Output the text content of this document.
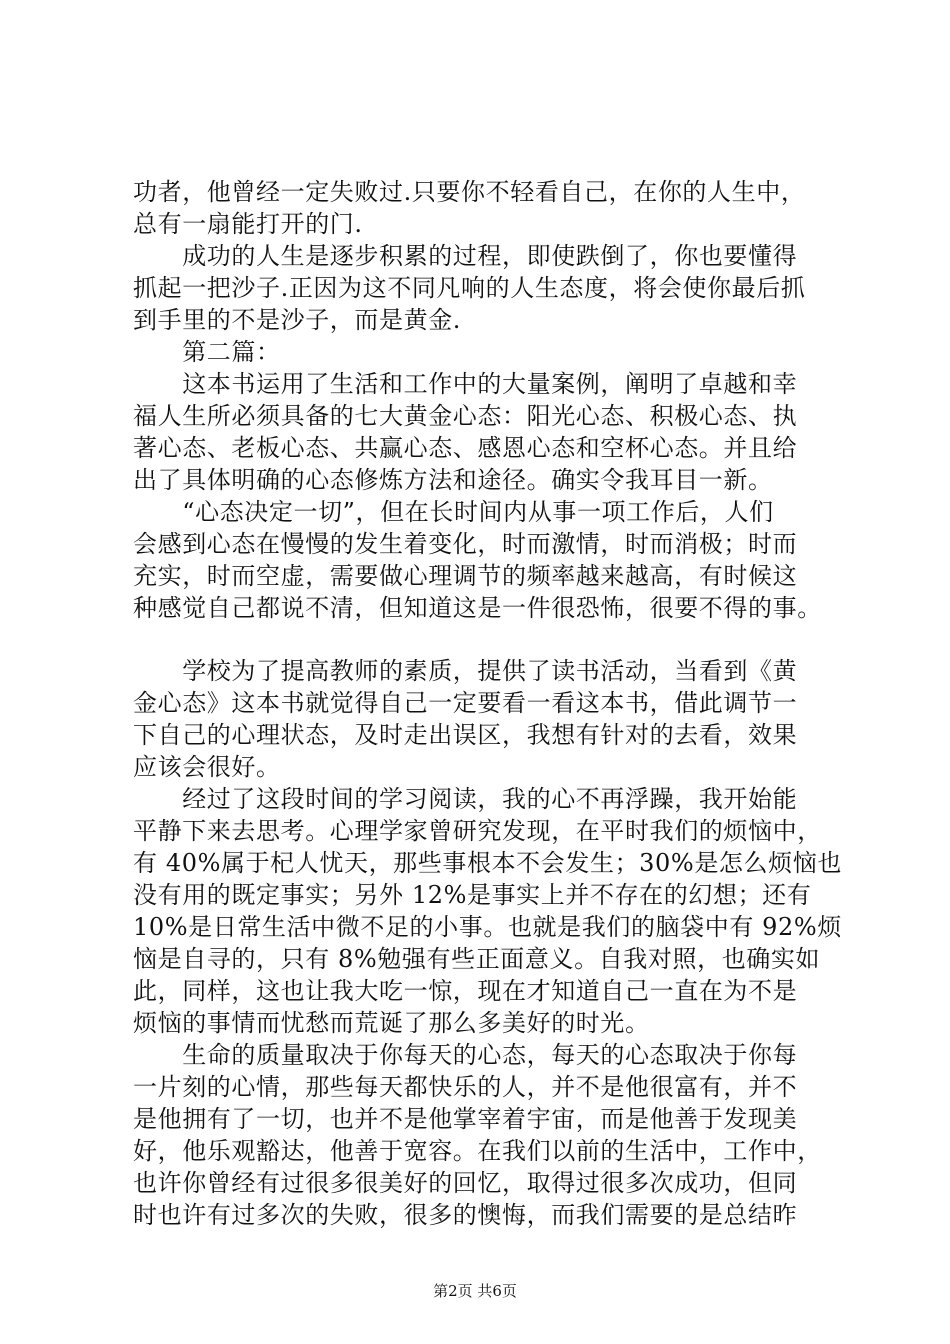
功者，他曾经一定失败过.只要你不轻看自己，在你的人生中，
总有一扇能打开的门.
　　成功的人生是逐步积累的过程，即使跌倒了，你也要懂得
抓起一把沙子.正因为这不同凡响的人生态度，将会使你最后抓
到手里的不是沙子，而是黄金.
　　第二篇：
　　这本书运用了生活和工作中的大量案例，阐明了卓越和幸
福人生所必须具备的七大黄金心态：阳光心态、积极心态、执
著心态、老板心态、共赢心态、感恩心态和空杯心态。并且给
出了具体明确的心态修炼方法和途径。确实令我耳目一新。
　　“心态决定一切”，但在长时间内从事一项工作后，人们
会感到心态在慢慢的发生着变化，时而激情，时而消极；时而
充实，时而空虚，需要做心理调节的频率越来越高，有时候这
种感觉自己都说不清，但知道这是一件很恐怖，很要不得的事。
　　学校为了提高教师的素质，提供了读书活动，当看到《黄
金心态》这本书就觉得自己一定要看一看这本书，借此调节一
下自己的心理状态，及时走出误区，我想有针对的去看，效果
应该会很好。
　　经过了这段时间的学习阅读，我的心不再浮躁，我开始能
平静下来去思考。心理学家曾研究发现，在平时我们的烦恼中，
有 40%属于杞人忧天，那些事根本不会发生；30%是怎么烦恼也
没有用的既定事实；另外 12%是事实上并不存在的幻想；还有
10%是日常生活中微不足的小事。也就是我们的脑袋中有 92%烦
恼是自寻的，只有 8%勉强有些正面意义。自我对照，也确实如
此，同样，这也让我大吃一惊，现在才知道自己一直在为不是
烦恼的事情而忧愁而荒诞了那么多美好的时光。
　　生命的质量取决于你每天的心态，每天的心态取决于你每
一片刻的心情，那些每天都快乐的人，并不是他很富有，并不
是他拥有了一切，也并不是他掌宰着宇宙，而是他善于发现美
好，他乐观豁达，他善于宽容。在我们以前的生活中，工作中，
也许你曾经有过很多很美好的回忆，取得过很多次成功，但同
时也许有过多次的失败，很多的懊悔，而我们需要的是总结昨
第2页 共6页
